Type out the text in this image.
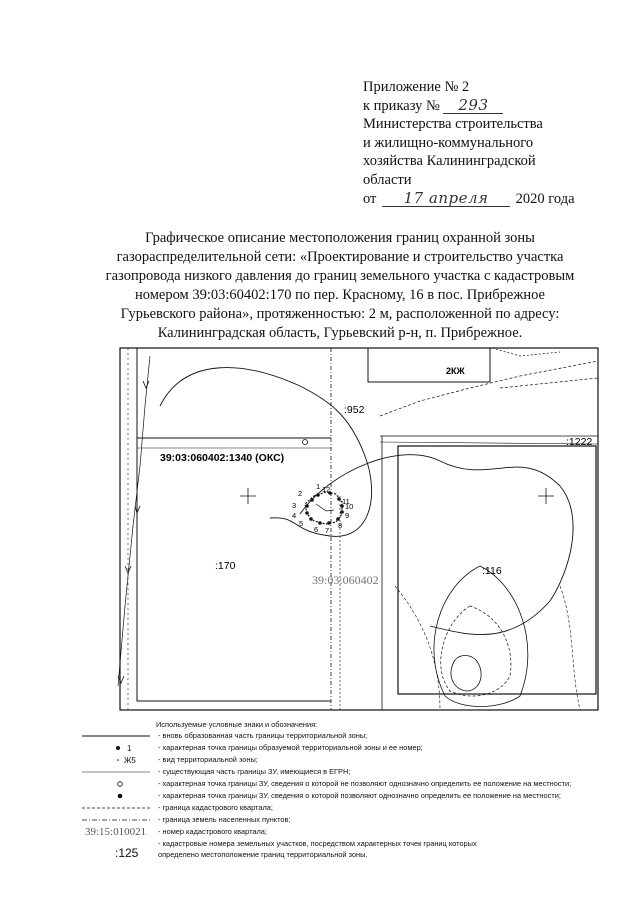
Приложение № 2
к приказу № 293
Министерства строительства
и жилищно-коммунального
хозяйства Калининградской
области
от 17 апреля 2020 года
Графическое описание местоположения границ охранной зоны
газораспределительной сети: «Проектирование и строительство участка
газопровода низкого давления до границ земельного участка с кадастровым
номером 39:03:60402:170 по пер. Красному, 16 в пос. Прибрежное
Гурьевского района», протяженностью: 2 м, расположенной по адресу:
Калининградская область, Гурьевский р-н, п. Прибрежное.
2КЖ
39:03:060402:1340 (ОКС)
1
2
3
4
5
6 7
8
9
10
11
12
:952
:1222
:170
39:03:060402
:116
Используемые условные знаки и обозначения:
- вновь образованная часть границы территориальной зоны;
1	- характерная точка границы образуемой территориальной зоны и ее номер;
Ж5	- вид территориальной зоны;
- существующая часть границы ЗУ, имеющиеся в ЕГРН;
- характерная точка границы ЗУ, сведения о которой не позволяют однозначно определить ее положение на местности;
- характерная точка границы ЗУ, сведения о которой позволяют однозначно определить ее положение на местности;
- граница кадастрового квартала;
- граница земель населенных пунктов;
- номер кадастрового квартала;
- кадастровые номера земельных участков, посредством характерных точек границ которых
определено местоположение границ территориальной зоны.
39:15:010021
:125
